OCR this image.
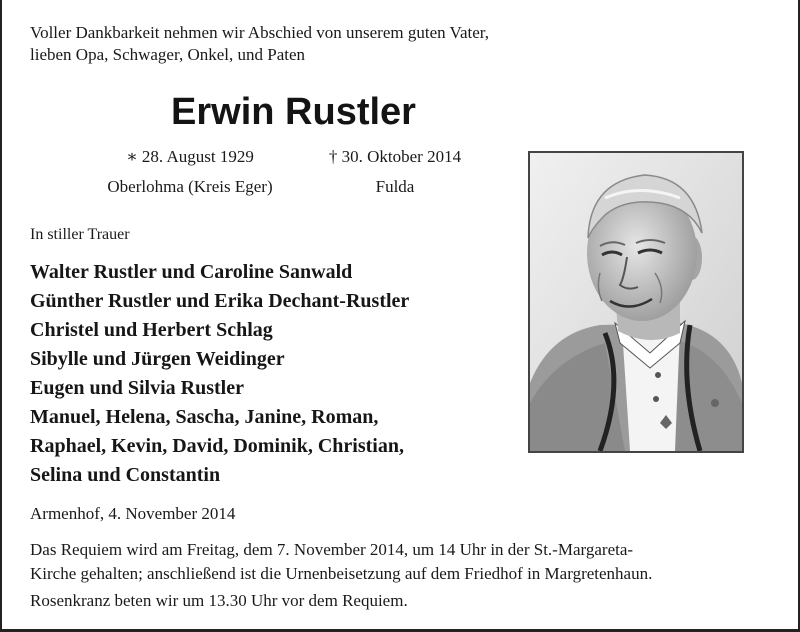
Voller Dankbarkeit nehmen wir Abschied von unserem guten Vater,
lieben Opa, Schwager, Onkel, und Paten
Erwin Rustler
∗ 28. August 1929
Oberlohma (Kreis Eger)
† 30. Oktober 2014
Fulda
In stiller Trauer
Walter Rustler und Caroline Sanwald
Günther Rustler und Erika Dechant-Rustler
Christel und Herbert Schlag
Sibylle und Jürgen Weidinger
Eugen und Silvia Rustler
Manuel, Helena, Sascha, Janine, Roman,
Raphael, Kevin, David, Dominik, Christian,
Selina und Constantin
Armenhof, 4. November 2014
Das Requiem wird am Freitag, dem 7. November 2014, um 14 Uhr in der St.-Margareta-
Kirche gehalten; anschließend ist die Urnenbeisetzung auf dem Friedhof in Margretenhaun.
Rosenkranz beten wir um 13.30 Uhr vor dem Requiem.
